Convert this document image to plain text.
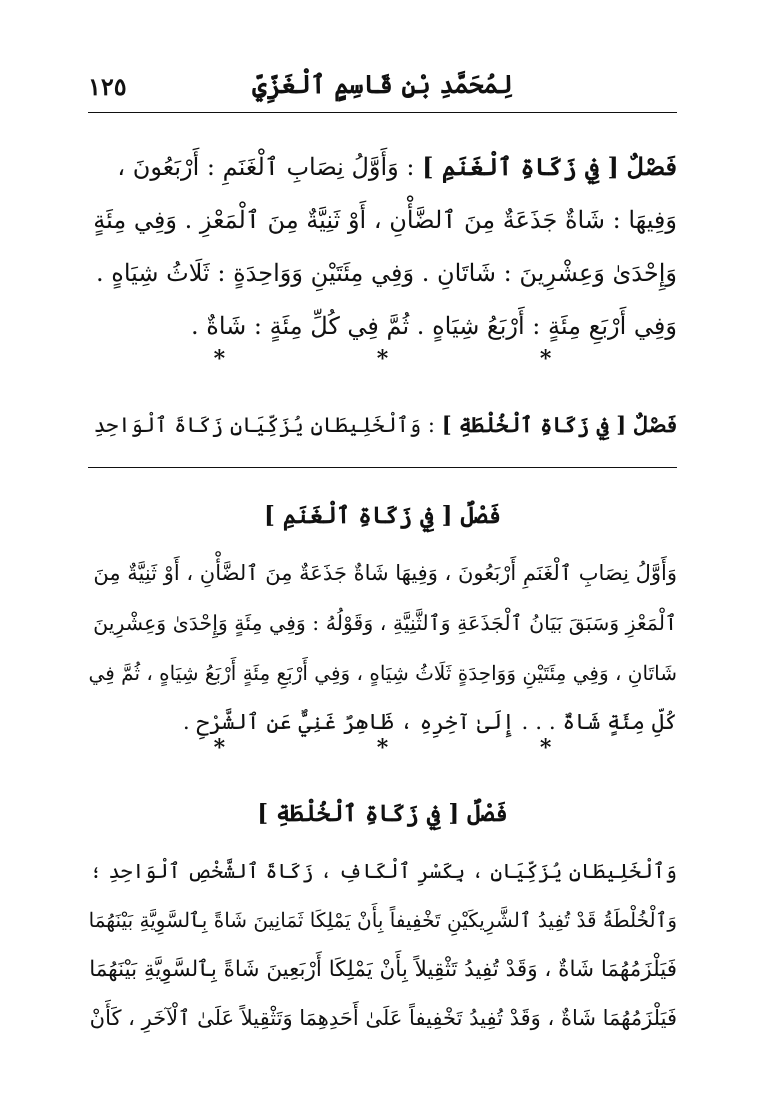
لِمُحَمَّدِ بْنِ قَاسِمٍ ٱلْغَزِّيِّ
١٢٥
فَصْلٌ [ فِي زَكَاةِ ٱلْغَنَمِ ] : وَأَوَّلُ نِصَابِ ٱلْغَنَمِ : أَرْبَعُونَ ،
وَفِيهَا : شَاةٌ جَذَعَةٌ مِنَ ٱلضَّأْنِ ، أَوْ ثَنِيَّةٌ مِنَ ٱلْمَعْزِ . وَفِي مِئَةٍ
وَإِحْدَىٰ وَعِشْرِينَ : شَاتَانِ . وَفِي مِئَتَيْنِ وَوَاحِدَةٍ : ثَلَاثُ شِيَاهٍ .
وَفِي أَرْبَعِ مِئَةٍ : أَرْبَعُ شِيَاهٍ . ثُمَّ فِي كُلِّ مِئَةٍ : شَاةٌ .
* * *
فَصْلٌ [ فِي زَكَاةِ ٱلْخُلْطَةِ ] : وَٱلْخَلِيطَانِ يُزَكِّيَانِ زَكَاةَ ٱلْوَاحِدِ
فَصْلٌ [ فِي زَكَاةِ ٱلْغَنَمِ ]
وَأَوَّلُ نِصَابِ ٱلْغَنَمِ أَرْبَعُونَ ، وَفِيهَا شَاةٌ جَذَعَةٌ مِنَ ٱلضَّأْنِ ، أَوْ ثَنِيَّةٌ مِنَ
ٱلْمَعْزِ وَسَبَقَ بَيَانُ ٱلْجَذَعَةِ وَٱلثَّنِيَّةِ ، وَقَوْلُهُ : وَفِي مِئَةٍ وَإِحْدَىٰ وَعِشْرِينَ
شَاتَانِ ، وَفِي مِئَتَيْنِ وَوَاحِدَةٍ ثَلَاثُ شِيَاهٍ ، وَفِي أَرْبَعِ مِئَةٍ أَرْبَعُ شِيَاهٍ ، ثُمَّ فِي
كُلِّ مِئَةٍ شَاةٌ . . . إِلَىٰ آخِرِهِ ، ظَاهِرٌ غَنِيٌّ عَنِ ٱلشَّرْحِ .
* * *
فَصْلٌ [ فِي زَكَاةِ ٱلْخُلْطَةِ ]
وَٱلْخَلِيطَانِ يُزَكِّيَانِ ، بِكَسْرِ ٱلْكَافِ ، زَكَاةَ ٱلشَّخْصِ ٱلْوَاحِدِ ؛
وَٱلْخُلْطَةُ قَدْ تُفِيدُ ٱلشَّرِيكَيْنِ تَخْفِيفاً بِأَنْ يَمْلِكَا ثَمَانِينَ شَاةً بِٱلسَّوِيَّةِ بَيْنَهُمَا
فَيَلْزَمُهُمَا شَاةٌ ، وَقَدْ تُفِيدُ تَثْقِيلاً بِأَنْ يَمْلِكَا أَرْبَعِينَ شَاةً بِٱلسَّوِيَّةِ بَيْنَهُمَا
فَيَلْزَمُهُمَا شَاةٌ ، وَقَدْ تُفِيدُ تَخْفِيفاً عَلَىٰ أَحَدِهِمَا وَتَثْقِيلاً عَلَىٰ ٱلْآخَرِ ، كَأَنْ
